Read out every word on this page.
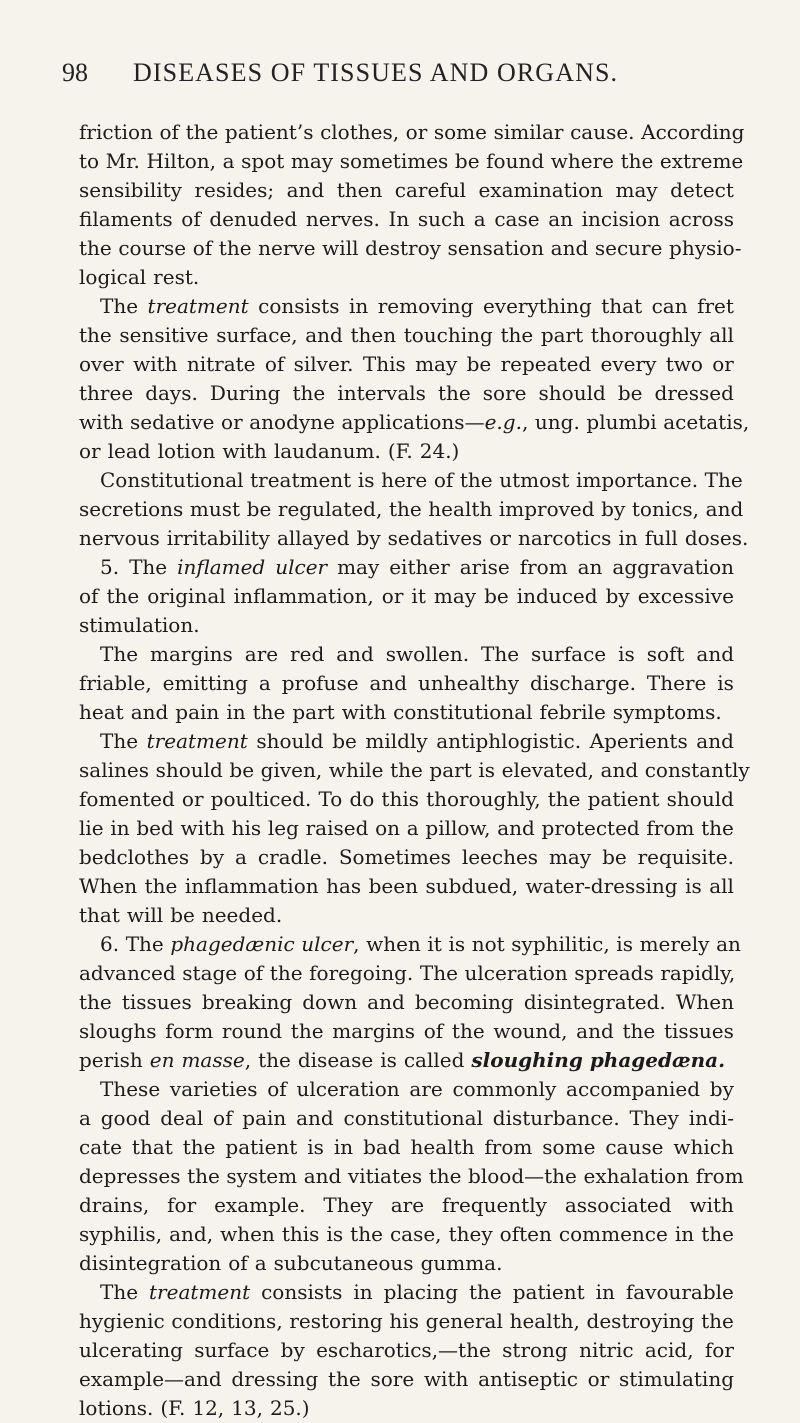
98 DISEASES OF TISSUES AND ORGANS.
friction of the patient’s clothes, or some similar cause. According
to Mr. Hilton, a spot may sometimes be found where the extreme
sensibility resides; and then careful examination may detect
filaments of denuded nerves. In such a case an incision across
the course of the nerve will destroy sensation and secure physio-
logical rest.
The treatment consists in removing everything that can fret
the sensitive surface, and then touching the part thoroughly all
over with nitrate of silver. This may be repeated every two or
three days. During the intervals the sore should be dressed
with sedative or anodyne applications—e.g., ung. plumbi acetatis,
or lead lotion with laudanum. (F. 24.)
Constitutional treatment is here of the utmost importance. The
secretions must be regulated, the health improved by tonics, and
nervous irritability allayed by sedatives or narcotics in full doses.
5. The inflamed ulcer may either arise from an aggravation
of the original inflammation, or it may be induced by excessive
stimulation.
The margins are red and swollen. The surface is soft and
friable, emitting a profuse and unhealthy discharge. There is
heat and pain in the part with constitutional febrile symptoms.
The treatment should be mildly antiphlogistic. Aperients and
salines should be given, while the part is elevated, and constantly
fomented or poulticed. To do this thoroughly, the patient should
lie in bed with his leg raised on a pillow, and protected from the
bedclothes by a cradle. Sometimes leeches may be requisite.
When the inflammation has been subdued, water-dressing is all
that will be needed.
6. The phagedænic ulcer, when it is not syphilitic, is merely an
advanced stage of the foregoing. The ulceration spreads rapidly,
the tissues breaking down and becoming disintegrated. When
sloughs form round the margins of the wound, and the tissues
perish en masse, the disease is called sloughing phagedæna.
These varieties of ulceration are commonly accompanied by
a good deal of pain and constitutional disturbance. They indi-
cate that the patient is in bad health from some cause which
depresses the system and vitiates the blood—the exhalation from
drains, for example. They are frequently associated with
syphilis, and, when this is the case, they often commence in the
disintegration of a subcutaneous gumma.
The treatment consists in placing the patient in favourable
hygienic conditions, restoring his general health, destroying the
ulcerating surface by escharotics,—the strong nitric acid, for
example—and dressing the sore with antiseptic or stimulating
lotions. (F. 12, 13, 25.)
